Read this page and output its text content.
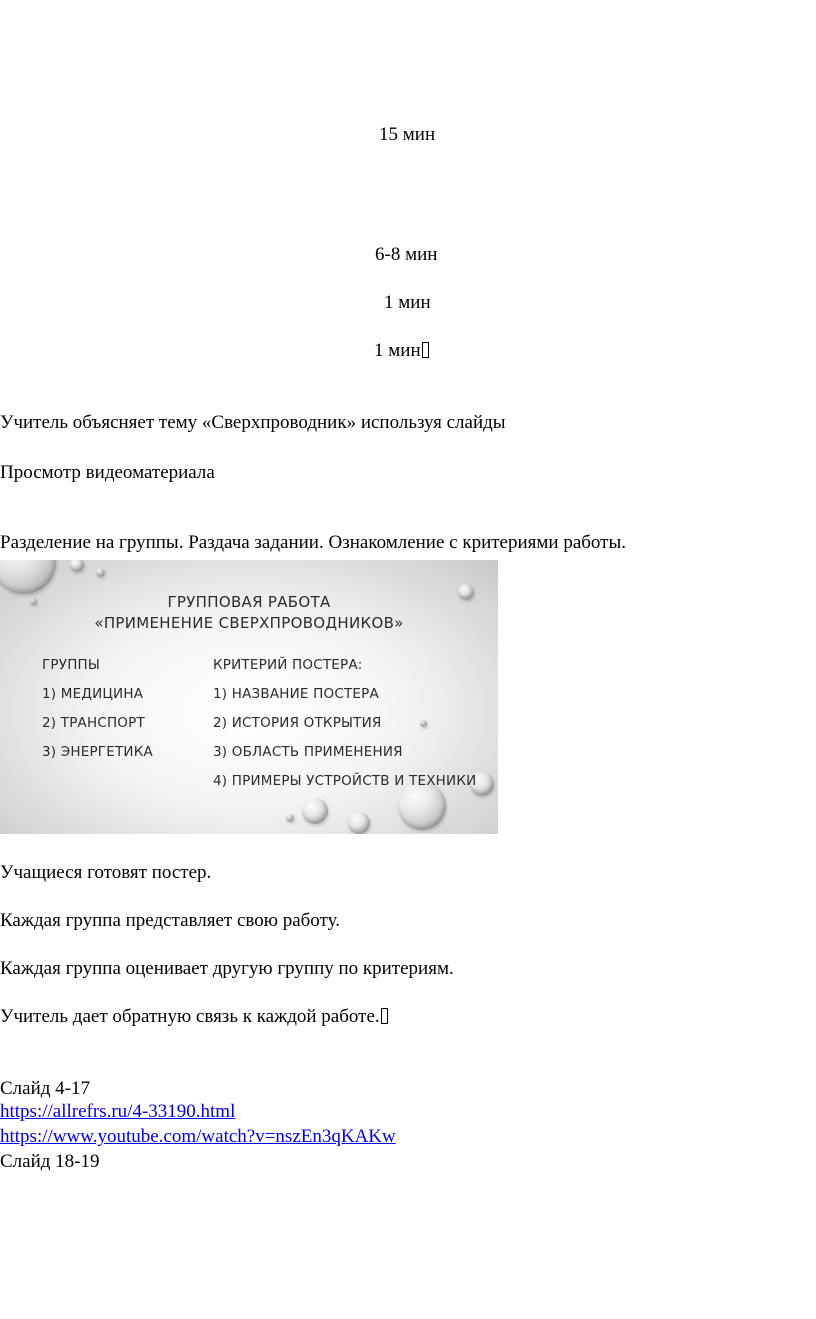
15 мин
6-8 мин
1 мин
1 мин
Учитель объясняет тему «Сверхпроводник» используя слайды
Просмотр видеоматериала
Разделение на группы. Раздача задании. Ознакомление с критериями работы.
ГРУППОВАЯ РАБОТА
«ПРИМЕНЕНИЕ СВЕРХПРОВОДНИКОВ»
ГРУППЫ
1) МЕДИЦИНА
2) ТРАНСПОРТ
3) ЭНЕРГЕТИКА
КРИТЕРИЙ ПОСТЕРА:
1) НАЗВАНИЕ ПОСТЕРА
2) ИСТОРИЯ ОТКРЫТИЯ
3) ОБЛАСТЬ ПРИМЕНЕНИЯ
4) ПРИМЕРЫ УСТРОЙСТВ И ТЕХНИКИ
Учащиеся готовят постер.
Каждая группа представляет свою работу.
Каждая группа оценивает другую группу по критериям.
Учитель дает обратную связь к каждой работе.
Слайд 4-17
https://allrefrs.ru/4-33190.html
https://www.youtube.com/watch?v=nszEn3qKAKw
Слайд 18-19
